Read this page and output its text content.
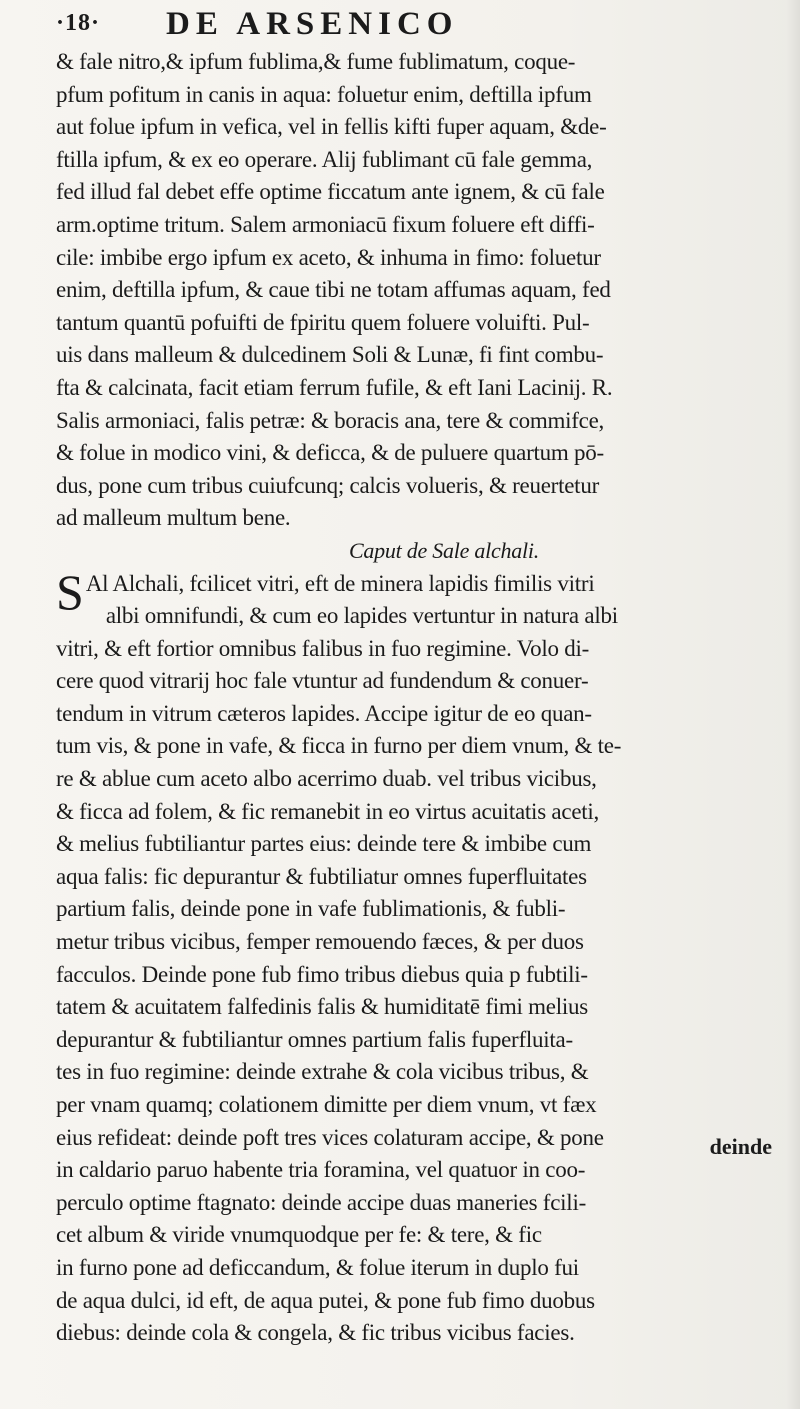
·18· DE ARSENICO
& fale nitro,& ipfum fublima,& fume fublimatum, coque-
pfum pofitum in canis in aqua: foluetur enim, deftilla ipfum
aut folue ipfum in vefica, vel in fellis kifti fuper aquam, &de-
ftilla ipfum, & ex eo operare. Alij fublimant cū fale gemma,
fed illud fal debet effe optime ficcatum ante ignem, & cū fale
arm.optime tritum. Salem armoniacū fixum foluere eft diffi-
cile: imbibe ergo ipfum ex aceto, & inhuma in fimo: foluetur
enim, deftilla ipfum, & caue tibi ne totam affumas aquam, fed
tantum quantū pofuifti de fpiritu quem foluere voluifti. Pul-
uis dans malleum & dulcedinem Soli & Lunæ, fi fint combu-
fta & calcinata, facit etiam ferrum fufile, & eft Iani Lacinij. R.
Salis armoniaci, falis petræ: & boracis ana, tere & commifce,
& folue in modico vini, & deficca, & de puluere quartum pō-
dus, pone cum tribus cuiufcunq; calcis volueris, & reuertetur
ad malleum multum bene.
Caput de Sale alchali.
S Al Alchali, fcilicet vitri, eft de minera lapidis fimilis vitri
albi omnifundi, & cum eo lapides vertuntur in natura albi
vitri, & eft fortior omnibus falibus in fuo regimine. Volo di-
cere quod vitrarij hoc fale vtuntur ad fundendum & conuer-
tendum in vitrum cæteros lapides. Accipe igitur de eo quan-
tum vis, & pone in vafe, & ficca in furno per diem vnum, & te-
re & ablue cum aceto albo acerrimo duab. vel tribus vicibus,
& ficca ad folem, & fic remanebit in eo virtus acuitatis aceti,
& melius fubtiliantur partes eius: deinde tere & imbibe cum
aqua falis: fic depurantur & fubtiliatur omnes fuperfluitates
partium falis, deinde pone in vafe fublimationis, & fubli-
metur tribus vicibus, femper remouendo fæces, & per duos
facculos. Deinde pone fub fimo tribus diebus quia p fubtili-
tatem & acuitatem falfedinis falis & humiditatē fimi melius
depurantur & fubtiliantur omnes partium falis fuperfluita-
tes in fuo regimine: deinde extrahe & cola vicibus tribus, &
per vnam quamq; colationem dimitte per diem vnum, vt fæx
eius refideat: deinde poft tres vices colaturam accipe, & pone
in caldario paruo habente tria foramina, vel quatuor in coo-
perculo optime ftagnato: deinde accipe duas maneries fcili-
cet album & viride vnumquodque per fe: & tere, & fic
in furno pone ad deficcandum, & folue iterum in duplo fui
de aqua dulci, id eft, de aqua putei, & pone fub fimo duobus
diebus: deinde cola & congela, & fic tribus vicibus facies.
deinde
